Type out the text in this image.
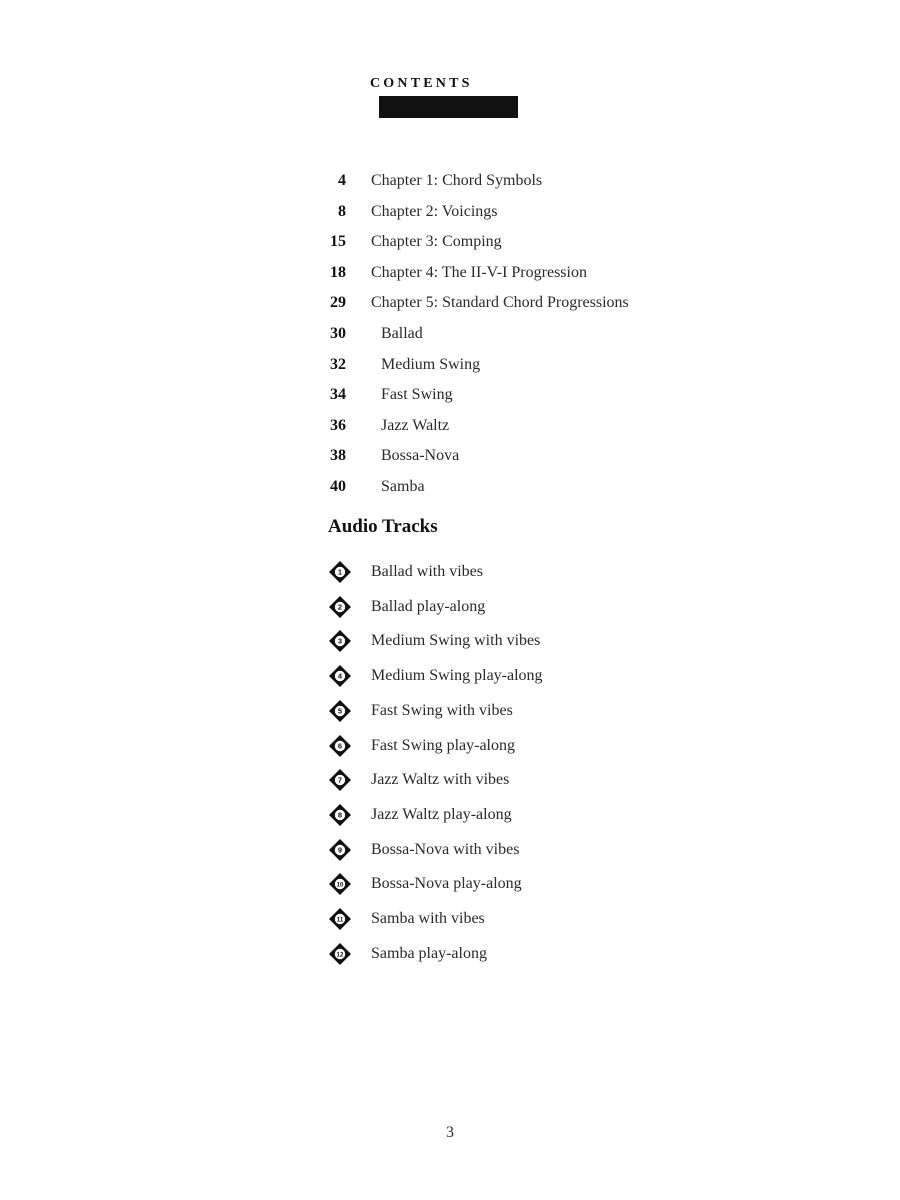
CONTENTS
4 Chapter 1: Chord Symbols
8 Chapter 2: Voicings
15 Chapter 3: Comping
18 Chapter 4: The II-V-I Progression
29 Chapter 5: Standard Chord Progressions
30 Ballad
32 Medium Swing
34 Fast Swing
36 Jazz Waltz
38 Bossa-Nova
40 Samba
Audio Tracks
1 Ballad with vibes
2 Ballad play-along
3 Medium Swing with vibes
4 Medium Swing play-along
5 Fast Swing with vibes
6 Fast Swing play-along
7 Jazz Waltz with vibes
8 Jazz Waltz play-along
9 Bossa-Nova with vibes
10 Bossa-Nova play-along
11 Samba with vibes
12 Samba play-along
3
